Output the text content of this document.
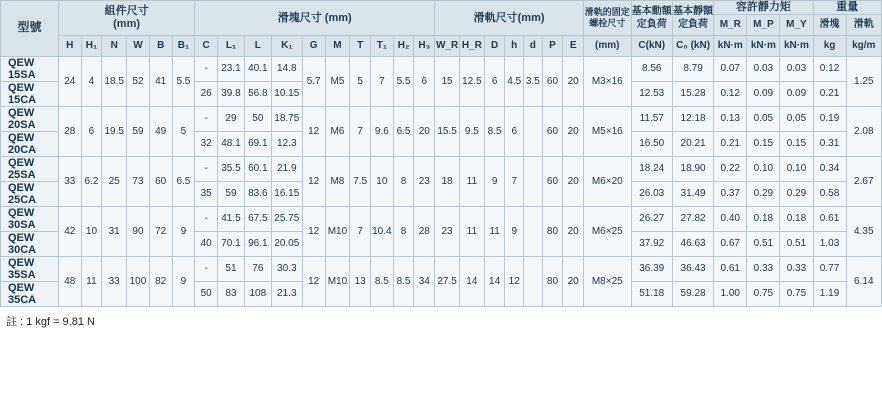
型號	組件尺寸
(mm)						滑塊尺寸 (mm)										滑軌尺寸(mm)							滑軌的固定螺栓尺寸	基本動額定負荷	基本靜額定負荷	容許靜力矩			重量	
																											M_R	M_P	M_Y	滑塊	滑軌
	H	H₁	N	W	B	B₁	C	L₁	L	K₁	G	M	T	T₁	H₂	H₃	W_R	H_R	D	h	d	P	E	(mm)	C(kN)	C₀ (kN)	kN·m	kN·m	kN·m	kg	kg/m
QEW 15SA	24	4	18.5	52	41	5.5	-	23.1	40.1	14.8	5.7	M5	5	7	5.5	6	15	12.5	6	4.5	3.5	60	20	M3×16	8.56	8.79	0.07	0.03	0.03	0.12	1.25
QEW 15CA							26	39.8	56.8	10.15															12.53	15.28	0.12	0.09	0.09	0.21	
QEW 20SA	28	6	19.5	59	49	5	-	29	50	18.75	12	M6	7	9.6	6.5	20	15.5	9.5	8.5	6		60	20	M5×16	11.57	12.18	0.13	0.05	0.05	0.19	2.08
QEW 20CA							32	48.1	69.1	12.3															16.50	20.21	0.21	0.15	0.15	0.31	
QEW 25SA	33	6.2	25	73	60	6.5	-	35.5	60.1	21.9	12	M8	7.5	10	8	23	18	11	9	7		60	20	M6×20	18.24	18.90	0.22	0.10	0.10	0.34	2.67
QEW 25CA							35	59	83.6	16.15															26.03	31.49	0.37	0.29	0.29	0.58	
QEW 30SA	42	10	31	90	72	9	-	41.5	67.5	25.75	12	M10	7	10.4	8	28	23	11	11	9		80	20	M6×25	26.27	27.82	0.40	0.18	0.18	0.61	4.35
QEW 30CA							40	70.1	96.1	20.05															37.92	46.63	0.67	0.51	0.51	1.03	
QEW 35SA	48	11	33	100	82	9	-	51	76	30.3	12	M10	13	8.5	8.5	34	27.5	14	14	12		80	20	M8×25	36.39	36.43	0.61	0.33	0.33	0.77	6.14
QEW 35CA							50	83	108	21.3															51.18	59.28	1.00	0.75	0.75	1.19	
註 : 1 kgf = 9.81 N
